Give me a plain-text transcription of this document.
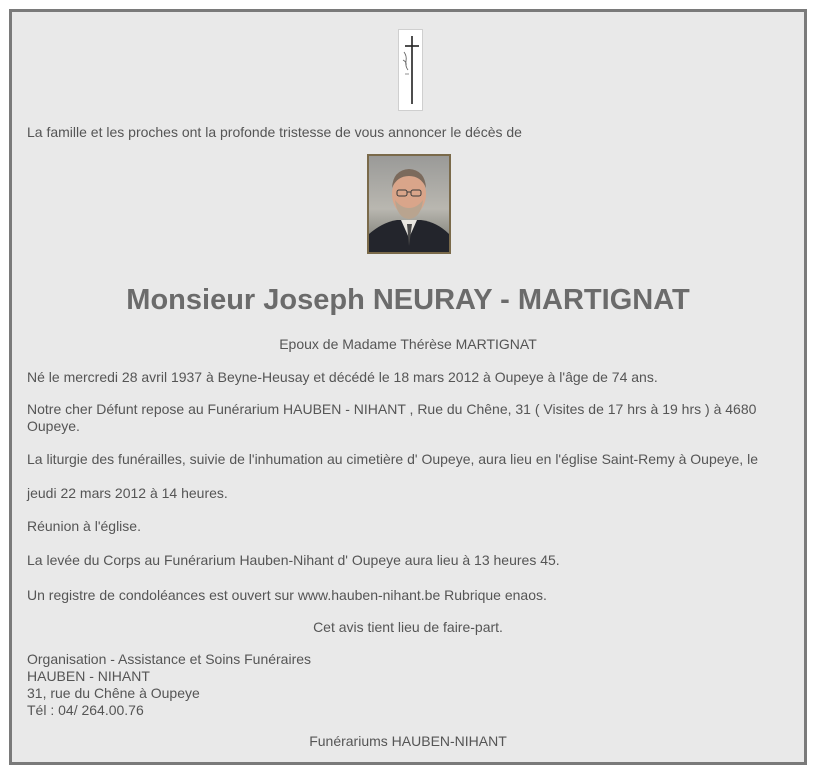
La famille et les proches ont la profonde tristesse de vous annoncer le décès de

Monsieur Joseph NEURAY - MARTIGNAT

Epoux de Madame Thérèse MARTIGNAT

Né le mercredi 28 avril 1937 à Beyne-Heusay et décédé le 18 mars 2012 à Oupeye à l'âge de 74 ans.

Notre cher Défunt repose au Funérarium HAUBEN - NIHANT , Rue du Chêne, 31 ( Visites de 17 hrs à 19 hrs ) à 4680 Oupeye.

La liturgie des funérailles, suivie de l'inhumation au cimetière d' Oupeye, aura lieu en l'église Saint-Remy à Oupeye, le

jeudi 22 mars 2012 à 14 heures.

Réunion à l'église.

La levée du Corps au Funérarium Hauben-Nihant d' Oupeye aura lieu à 13 heures 45.

Un registre de condoléances est ouvert sur www.hauben-nihant.be Rubrique enaos.

Cet avis tient lieu de faire-part.

Organisation - Assistance et Soins Funéraires

HAUBEN - NIHANT

31, rue du Chêne à Oupeye

Tél : 04/ 264.00.76

Funérariums HAUBEN-NIHANT
